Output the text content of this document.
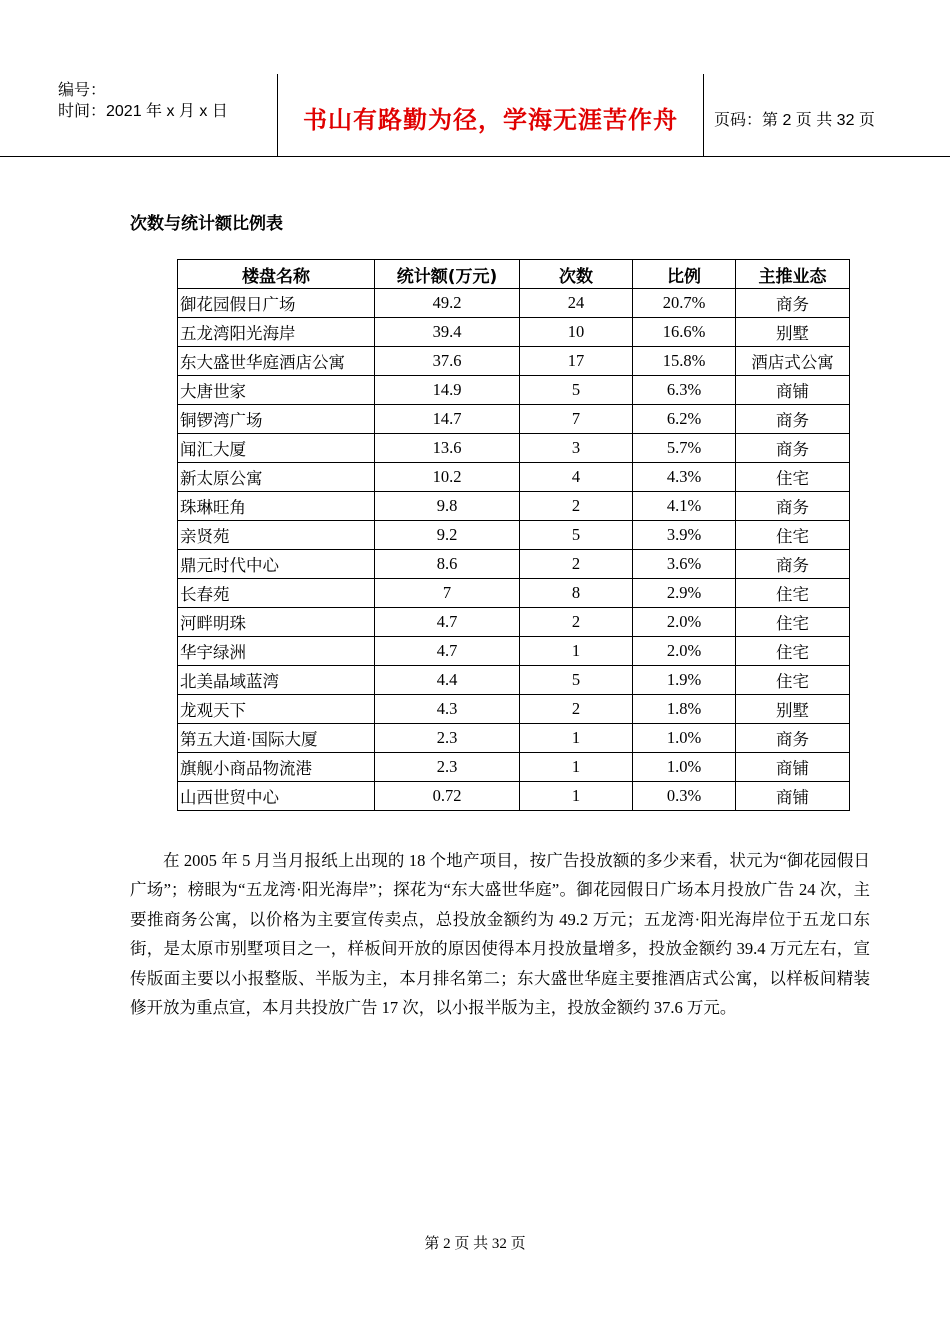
编号：
时间：2021 年 x 月 x 日	书山有路勤为径，学海无涯苦作舟	页码：第 2 页 共 32 页
次数与统计额比例表
楼盘名称	统计额(万元)	次数	比例	主推业态
御花园假日广场	49.2	24	20.7%	商务
五龙湾阳光海岸	39.4	10	16.6%	别墅
东大盛世华庭酒店公寓	37.6	17	15.8%	酒店式公寓
大唐世家	14.9	5	6.3%	商铺
铜锣湾广场	14.7	7	6.2%	商务
闻汇大厦	13.6	3	5.7%	商务
新太原公寓	10.2	4	4.3%	住宅
珠琳旺角	9.8	2	4.1%	商务
亲贤苑	9.2	5	3.9%	住宅
鼎元时代中心	8.6	2	3.6%	商务
长春苑	7	8	2.9%	住宅
河畔明珠	4.7	2	2.0%	住宅
华宇绿洲	4.7	1	2.0%	住宅
北美晶域蓝湾	4.4	5	1.9%	住宅
龙观天下	4.3	2	1.8%	别墅
第五大道·国际大厦	2.3	1	1.0%	商务
旗舰小商品物流港	2.3	1	1.0%	商铺
山西世贸中心	0.72	1	0.3%	商铺

在 2005 年 5 月当月报纸上出现的 18 个地产项目，按广告投放额的多少来看，状元为“御花园假日广场”；榜眼为“五龙湾·阳光海岸”；探花为“东大盛世华庭”。御花园假日广场本月投放广告 24 次，主要推商务公寓，以价格为主要宣传卖点，总投放金额约为 49.2 万元；五龙湾·阳光海岸位于五龙口东街，是太原市别墅项目之一，样板间开放的原因使得本月投放量增多，投放金额约 39.4 万元左右，宣传版面主要以小报整版、半版为主，本月排名第二；东大盛世华庭主要推酒店式公寓，以样板间精装修开放为重点宣，本月共投放广告 17 次，以小报半版为主，投放金额约 37.6 万元。

第 2 页 共 32 页
